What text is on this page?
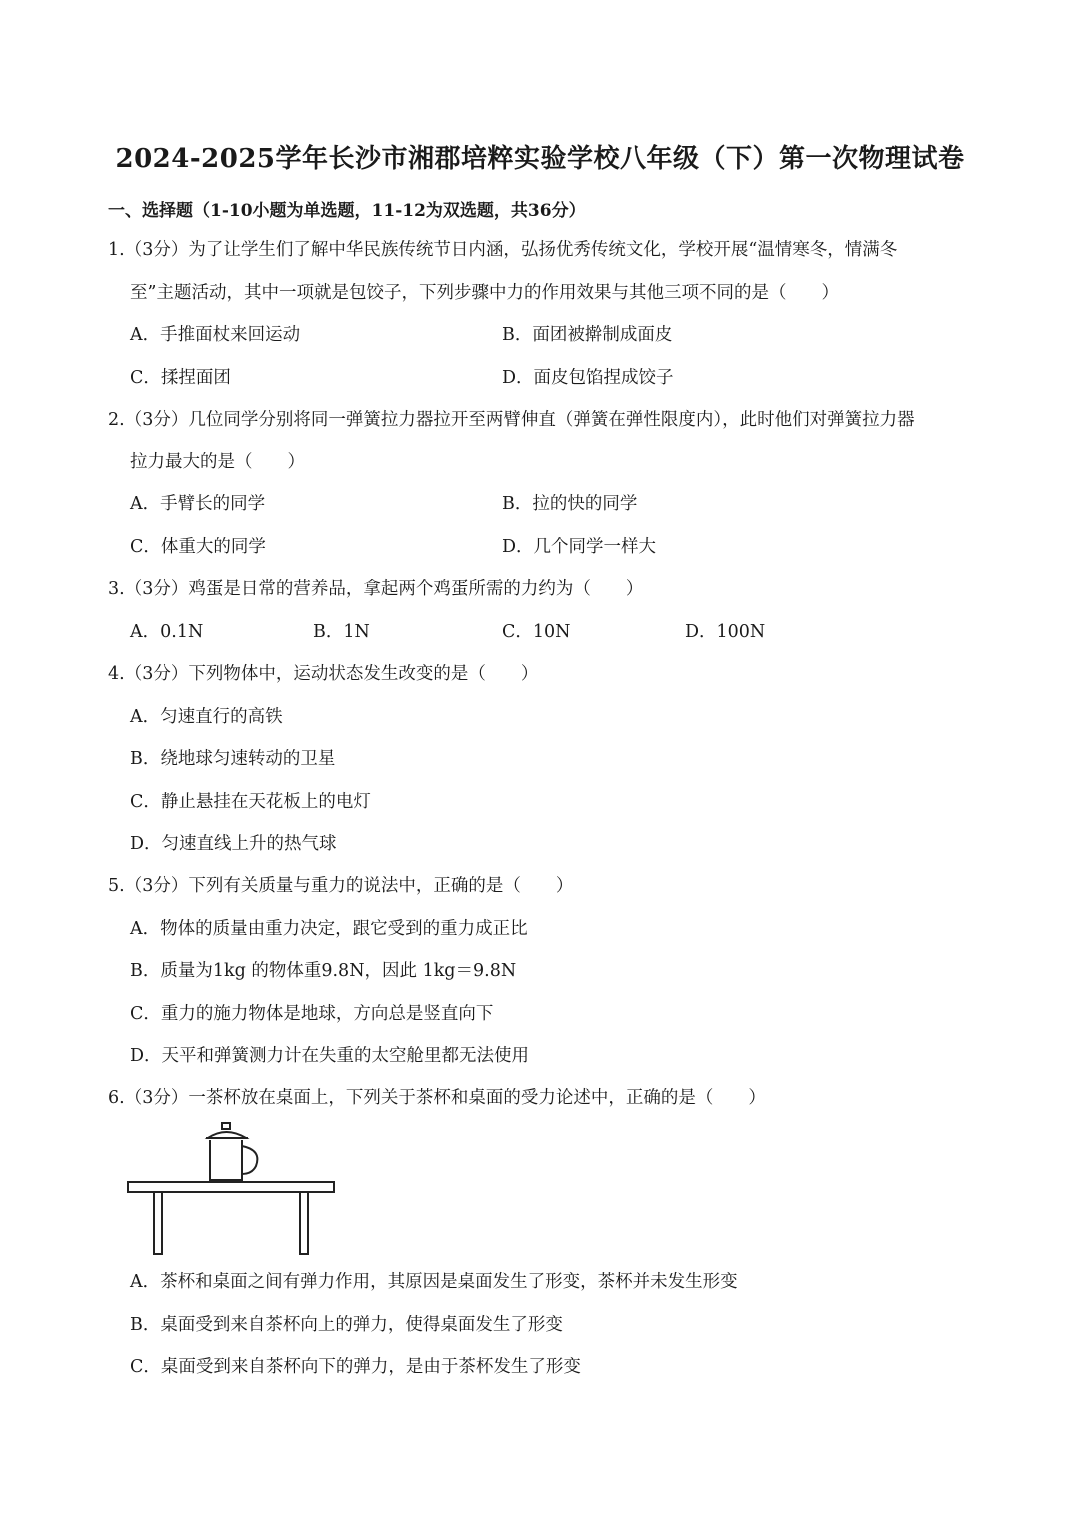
2024-2025学年长沙市湘郡培粹实验学校八年级（下）第一次物理试卷
一、选择题（1-10小题为单选题，11-12为双选题，共36分）
1.（3分）为了让学生们了解中华民族传统节日内涵，弘扬优秀传统文化，学校开展“温情寒冬，情满冬
至”主题活动，其中一项就是包饺子，下列步骤中力的作用效果与其他三项不同的是（　　）
A．手推面杖来回运动	B．面团被擀制成面皮
C．揉捏面团	D．面皮包馅捏成饺子
2.（3分）几位同学分别将同一弹簧拉力器拉开至两臂伸直（弹簧在弹性限度内），此时他们对弹簧拉力器
拉力最大的是（　　）
A．手臂长的同学	B．拉的快的同学
C．体重大的同学	D．几个同学一样大
3.（3分）鸡蛋是日常的营养品，拿起两个鸡蛋所需的力约为（　　）
A．0.1N	B．1N	C．10N	D．100N
4.（3分）下列物体中，运动状态发生改变的是（　　）
A．匀速直行的高铁
B．绕地球匀速转动的卫星
C．静止悬挂在天花板上的电灯
D．匀速直线上升的热气球
5.（3分）下列有关质量与重力的说法中，正确的是（　　）
A．物体的质量由重力决定，跟它受到的重力成正比
B．质量为1kg 的物体重9.8N，因此 1kg＝9.8N
C．重力的施力物体是地球，方向总是竖直向下
D．天平和弹簧测力计在失重的太空舱里都无法使用
6.（3分）一茶杯放在桌面上，下列关于茶杯和桌面的受力论述中，正确的是（　　）
A．茶杯和桌面之间有弹力作用，其原因是桌面发生了形变，茶杯并未发生形变
B．桌面受到来自茶杯向上的弹力，使得桌面发生了形变
C．桌面受到来自茶杯向下的弹力，是由于茶杯发生了形变
